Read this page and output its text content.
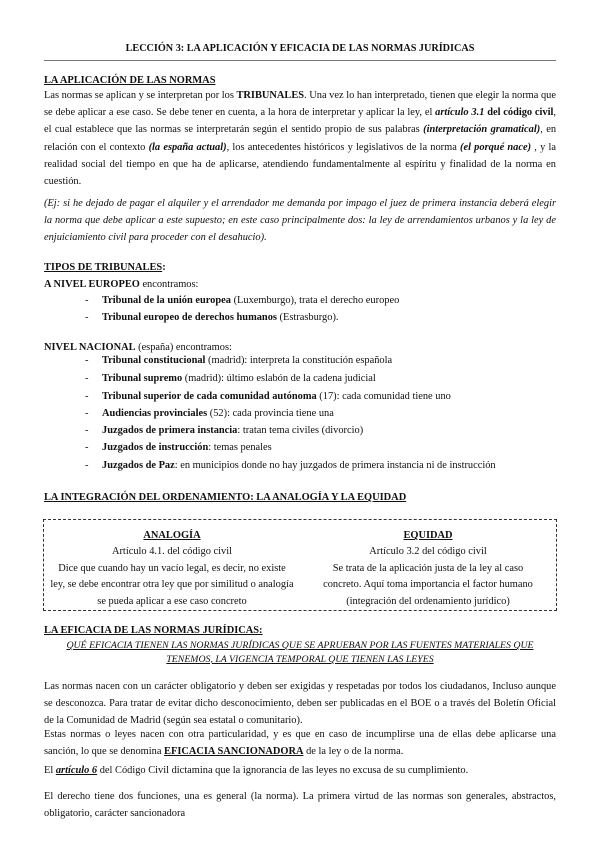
LECCIÓN 3: LA APLICACIÓN Y EFICACIA DE LAS NORMAS JURÍDICAS
LA APLICACIÓN DE LAS NORMAS
Las normas se aplican y se interpretan por los TRIBUNALES. Una vez lo han interpretado, tienen que elegir la norma que se debe aplicar a ese caso. Se debe tener en cuenta, a la hora de interpretar y aplicar la ley, el artículo 3.1 del código civil, el cual establece que las normas se interpretarán según el sentido propio de sus palabras (interpretación gramatical), en relación con el contexto (la españa actual), los antecedentes históricos y legislativos de la norma (el porqué nace) , y la realidad social del tiempo en que ha de aplicarse, atendiendo fundamentalmente al espíritu y finalidad de la norma en cuestión.
(Ej: si he dejado de pagar el alquiler y el arrendador me demanda por impago el juez de primera instancia deberá elegir la norma que debe aplicar a este supuesto; en este caso principalmente dos: la ley de arrendamientos urbanos y la ley de enjuiciamiento civil para proceder con el desahucio).
TIPOS DE TRIBUNALES:
A NIVEL EUROPEO encontramos:
Tribunal de la unión europea (Luxemburgo), trata el derecho europeo
Tribunal europeo de derechos humanos (Estrasburgo).
NIVEL NACIONAL (españa) encontramos:
Tribunal constitucional (madrid): interpreta la constitución española
Tribunal supremo (madrid): último eslabón de la cadena judicial
Tribunal superior de cada comunidad autónoma (17): cada comunidad tiene uno
Audiencias provinciales (52): cada provincia tiene una
Juzgados de primera instancia: tratan tema civiles (divorcio)
Juzgados de instrucción: temas penales
Juzgados de Paz: en municipios donde no hay juzgados de primera instancia ni de instrucción
LA INTEGRACIÓN DEL ORDENAMIENTO: LA ANALOGÍA Y LA EQUIDAD
ANALOGÍA
Artículo 4.1. del código civil
Dice que cuando hay un vacío legal, es decir, no existe ley, se debe encontrar otra ley que por similitud o analogía se pueda aplicar a ese caso concreto
EQUIDAD
Artículo 3.2 del código civil
Se trata de la aplicación justa de la ley al caso concreto. Aquí toma importancia el factor humano (integración del ordenamiento jurídico)
LA EFICACIA DE LAS NORMAS JURÍDICAS:
QUÉ EFICACIA TIENEN LAS NORMAS JURÍDICAS QUE SE APRUEBAN POR LAS FUENTES MATERIALES QUE TENEMOS, LA VIGENCIA TEMPORAL QUE TIENEN LAS LEYES
Las normas nacen con un carácter obligatorio y deben ser exigidas y respetadas por todos los ciudadanos, Incluso aunque se desconozca. Para tratar de evitar dicho desconocimiento, deben ser publicadas en el BOE o a través del Boletín Oficial de la Comunidad de Madrid (según sea estatal o comunitario).
Estas normas o leyes nacen con otra particularidad, y es que en caso de incumplirse una de ellas debe aplicarse una sanción, lo que se denomina EFICACIA SANCIONADORA de la ley o de la norma.
El artículo 6 del Código Civil dictamina que la ignorancia de las leyes no excusa de su cumplimiento.
El derecho tiene dos funciones, una es general (la norma). La primera virtud de las normas son generales, abstractos, obligatorio, carácter sancionadora
